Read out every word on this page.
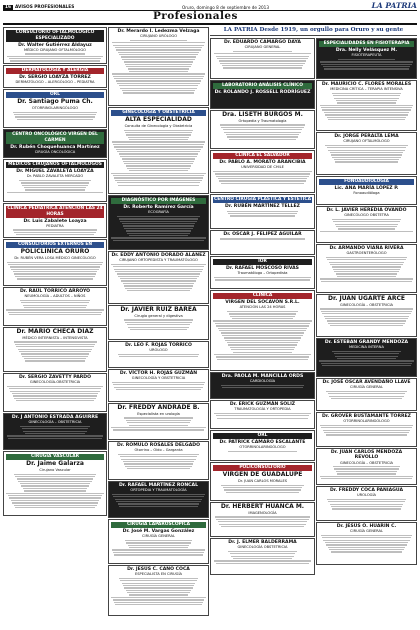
16 AVISOS PROFESIONALES	Oruro, domingo 8 de septiembre de 2013	LA PATRIA
Profesionales
LA PATRIA Desde 1919, un orgullo para Oruro y su gente
CONSULTORIO OFTALMOLÓGICO ESPECIALIZADO
Dr. Walter Gutiérrez Aldayuz
MÉDICO CIRUJANO OFTALMÓLOGO
DERMATOLOGÍA Y ALERGIA
Dr. SERGIO LOAYZA TÓRREZ
DERMATÓLOGO – ALERGÓLOGO – PEDIATRA
ORL
Dr. Santiago Puma Ch.
OTORRINOLARINGÓLOGO
CENTRO ONCOLÓGICO VIRGEN DEL CARMEN
Dr. Rubén Choquehuanca Martínez
CIRUGÍA ONCOLÓGICA
MÉDICOS CIRUJANOS OFTALMÓLOGOS
Dr. MIGUEL ZAVALETA LOAYZA
Dr. PABLO ZAVALETA MERCADO
CLÍNICA PEDIÁTRICA ATENCIÓN LAS 24 HORAS
Dr. Luis Zabalete Loayza
PEDIATRA
CONSULTORIOS EXTERNOS EN
POLICLÍNICA ORURO
Dr. RUBÉN VERA LOSA MÉDICO GINECÓLOGO
Dr. RAÚL TORRICO ARROYO
NEUMOLOGÍA – ADULTOS – NIÑOS
Dr. MARIO CHECA DÍAZ
MÉDICO INTERNISTA – INTENSIVISTA
Dr. SERGIO ZAVETTY PARDO
GINECOLOGÍA-OBSTETRICIA
Dr. J ANTONIO ESTRADA AGUIRRE
GINECOLOGÍA – OBSTETRICIA
CIRUGÍA VASCULAR
Dr. Jaime Galarza
Cirujano Vascular
Dr. Merardo I. Ledezma Velzaga
CIRUJANO URÓLOGO
GINECOLOGÍA Y OBSTETRICIA
ALTA ESPECIALIDAD
Consulta de Ginecología y Obstetricia
DIAGNÓSTICO POR IMÁGENES
Dr. Roberto Ramírez García
ECOGRAFÍA
Dr. EDDY ANTONIO DORADO ALANEZ
CIRUJANO ORTOPEDISTA Y TRAUMATÓLOGO
Dr. JAVIER RUIZ BAREA
Cirugía general y digestiva
Dr. LEO F. ROJAS TORRICO
URÓLOGO
Dr. VÍCTOR H. ROJAS GUZMÁN
GINECOLOGÍA Y OBSTETRICIA
Dr. FREDDY ANDRADE B.
Especialista en urología
Dr. RÓMULO ROSALES DELGADO
Otorrino – Oído – Garganta
Dr. RAFAEL MARTÍNEZ RONCAL
ORTOPEDIA Y TRAUMATOLOGÍA
CIRUGÍA LAPAROSCÓPICA
Dr. José M. Vargas González
CIRUGÍA GENERAL
Dr. JESÚS C. CANO COCA
ESPECIALISTA EN CIRUGÍA
Dr. EDUARDO CAMARGO DAYA
CIRUJANO GENERAL
LABORATORIO ANÁLISIS CLÍNICO
Dr. ROLANDO J. ROSSELL RODRÍGUEZ
Dra. LISETH BURGOS M.
Ortopedia y Traumatología
CLÍNICA EL SALVADOR
Dr. PABLO A. MORATO ARANCIBIA
UNIVERSIDAD DE CHILE
CENTRO CIRUGÍA PLÁSTICA Y ESTÉTICA
Dr. RUBÉN MARTÍNEZ TELLEZ
Dr. OSCAR J. FELIPEZ AGUILAR
IOR
Dr. RAFAEL MOSCOSO RIVAS
Traumatólogo – Ortopedista
CLÍNICA
VIRGEN DEL SOCAVÓN S.R.L.
ATENCIÓN LAS 24 HORAS
Dra. PAOLA M. MANCILLA ORDS
CARDIOLOGÍA
Dr. ERICK GUZMÁN SOLIZ
TRAUMATOLOGÍA Y ORTOPEDIA
ORL
Dr. PATRICK CAMARO ESCALANTE
OTORRINOLARINGÓLOGO
POLICONSULTORIO
VIRGEN DE GUADALUPE
Dr. JUAN CARLOS MORALES
Dr. HERBERT HUANCA M.
IMAGENOLOGÍA
Dr. J. ELMER BALDERRAMA
GINECOLOGÍA OBSTETRICIA
ESPECIALIDADES EN FISIOTERAPIA
Dra. Nelly Velásquez M.
FISIOTERAPEUTA
Dr. MAURICIO C. FLORES MORALES
MEDICINA CRÍTICA – TERAPIA INTENSIVA
Dr. JORGE PERALTA LEMA
CIRUJANO OFTALMÓLOGO
FONOAUDIOLOGÍA
Lic. ANA MARÍA LÓPEZ P.
Fonoaudióloga
Dr. L. JAVIER HEREDIA OVANDO
GINECÓLOGO OBSTETRA
Dr. ARMANDO VIAÑA RIVERA
GASTROENTERÓLOGO
Dr. JUAN UGARTE ARCE
GINECOLOGÍA – OBSTETRICIA
Dr. ESTEBAN GRANDY MENDOZA
MEDICINA INTERNA
Dr. JOSÉ OSCAR AVENDAÑO LLAVE
CIRUGÍA GENERAL
Dr. GROVER BUSTAMANTE TORREZ
OTORRINOLARINGÓLOGO
Dr. JUAN CARLOS MENDOZA REVOLLO
GINECOLOGÍA – OBSTETRICIA
Dr. FREDDY COCA PANIAGUA
UROLOGÍA
Dr. JESÚS O. HUARIN C.
CIRUGÍA GENERAL
